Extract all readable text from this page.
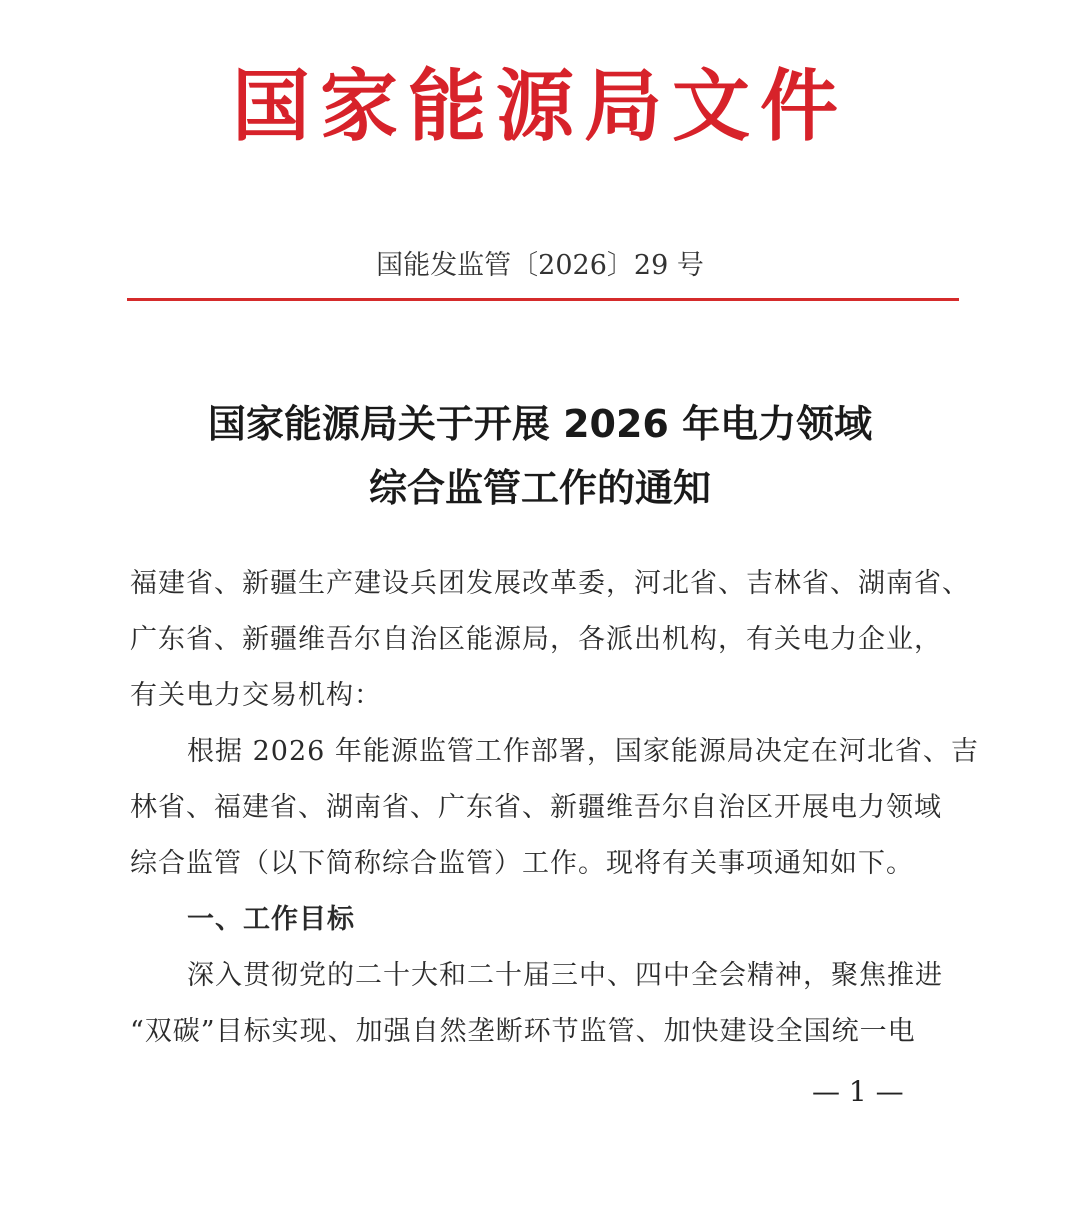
国家能源局文件
国能发监管〔2026〕29 号
国家能源局关于开展 2026 年电力领域
综合监管工作的通知
福建省、新疆生产建设兵团发展改革委，河北省、吉林省、湖南省、
广东省、新疆维吾尔自治区能源局，各派出机构，有关电力企业，
有关电力交易机构：
根据 2026 年能源监管工作部署，国家能源局决定在河北省、吉
林省、福建省、湖南省、广东省、新疆维吾尔自治区开展电力领域
综合监管（以下简称综合监管）工作。现将有关事项通知如下。
一、工作目标
深入贯彻党的二十大和二十届三中、四中全会精神，聚焦推进
“双碳”目标实现、加强自然垄断环节监管、加快建设全国统一电
— 1 —
